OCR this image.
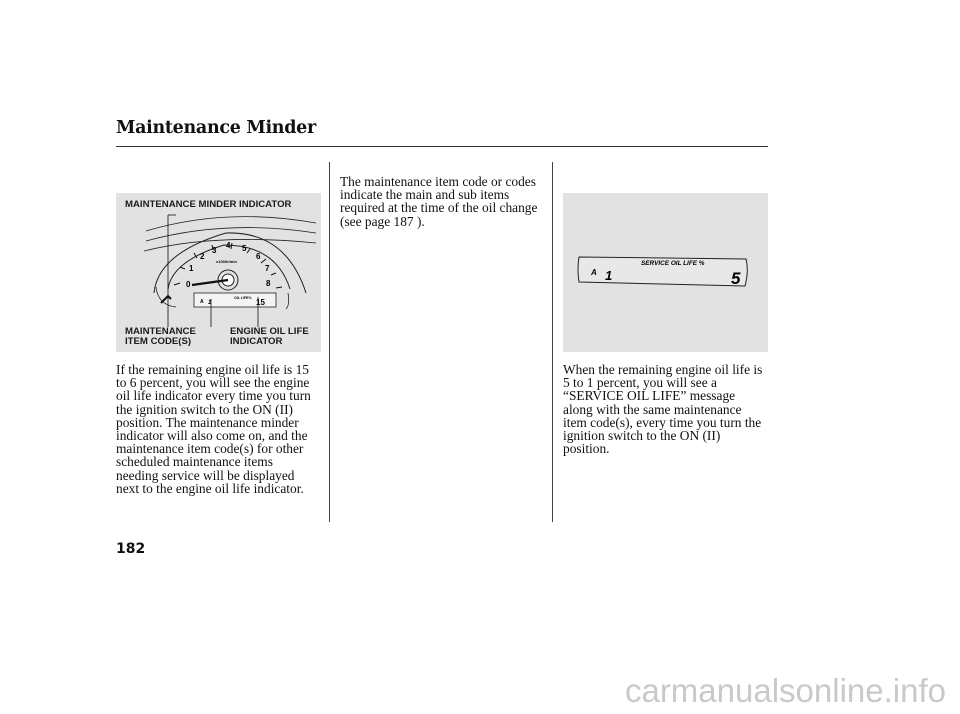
Maintenance Minder
0
1
2
3
4 5
6
7
8
x1000r/min
A 1
OIL LIFE% 15
MAINTENANCE MINDER INDICATOR
MAINTENANCE
ITEM CODE(S)
ENGINE OIL LIFE
INDICATOR
SERVICE OIL LIFE %
A 1	5
If the remaining engine oil life is 15
to 6 percent, you will see the engine
oil life indicator every time you turn
the ignition switch to the ON (II)
position. The maintenance minder
indicator will also come on, and the
maintenance item code(s) for other
scheduled maintenance items
needing service will be displayed
next to the engine oil life indicator.
The maintenance item code or codes
indicate the main and sub items
required at the time of the oil change
(see page 187 ).
When the remaining engine oil life is
5 to 1 percent, you will see a
“SERVICE OIL LIFE” message
along with the same maintenance
item code(s), every time you turn the
ignition switch to the ON (II)
position.
182
carmanualsonline.info
